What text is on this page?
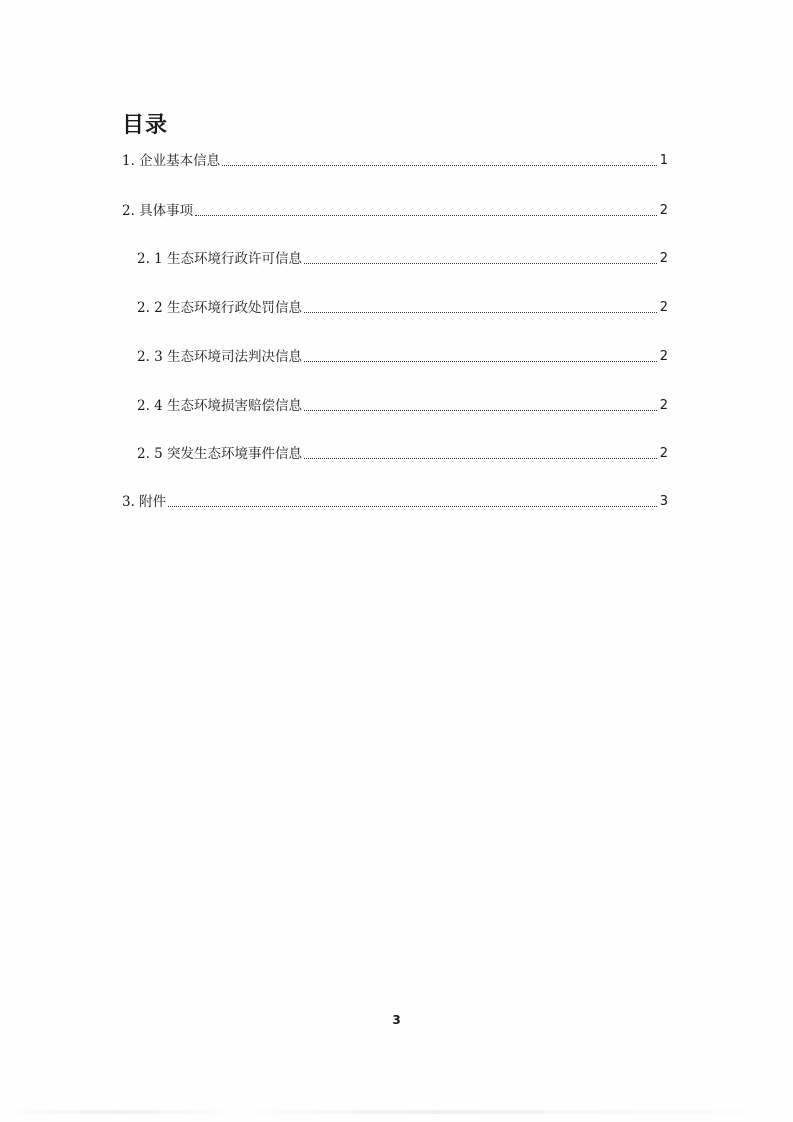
目录
1. 企业基本信息	1
2. 具体事项	2
2. 1 生态环境行政许可信息	2
2. 2 生态环境行政处罚信息	2
2. 3 生态环境司法判决信息	2
2. 4 生态环境损害赔偿信息	2
2. 5 突发生态环境事件信息	2
3. 附件	3
3
